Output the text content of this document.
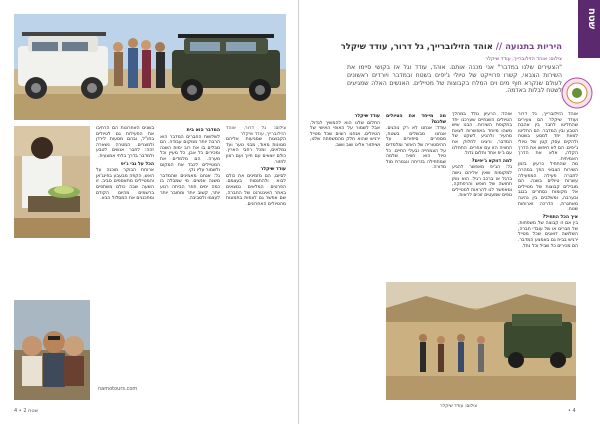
בשנים האחרונות הם הרחיבו את הפעילות גם לטיולים בחו"ל, ובהם מסעות לירדן ולמצרים. המטרה נשארה זהה: לחבר אנשים לטבע ולמדבר בדרך בלתי אמצעית.
הכל על גבי ג'יפ
ארוחת הבוקר מוכנה על האש, הקפה מבעבע בפינג'אן והמטיילים מתאספים סביב. זו השעה שבה כולם משתפים ברשמים מהיום הקודם ומתכננים את המסלול הבא.
המדבר הוא בית
לשלושת החברים המדבר הוא הרבה יותר ממקום עבודה. הם מבלים בו את רוב ימות השנה ומכירים כל אבן, כל מעיין וכל מערה. הם מלמדים את המטיילים לכבד את המקום ולשמור עליו נקי.
גל: אנחנו מאמינים שהמדבר משנה אנשים. מי שמבלה בו כמה ימים חוזר הביתה רגוע יותר, קשוב יותר ומחובר יותר לעצמו ולסביבה.
צילום: גל דרור, אוהד הזילוברייך, עודד שיקלר
הקבוצות שמגיעות אליהם מגוונות מאוד, מבני נוער ועד גמלאים, ומכל רחבי הארץ. כולם יוצאים עם חיוך ועם רצון לחזור.
עודד שיקלר
לסיום, הם מזמינים את כולם לבוא ולהתנסות בעצמם. הפרטים המלאים נמצאים באתר האינטרנט של החברה, שם אפשר גם לצפות בתמונות מהטיולים האחרונים.
namotours.com
שטח 2 • 4
שטח
היריות בתנועה // אוהד הזילוברייך, גל דרור, עודד שיקלר
צילום: אוהד הזילוברייך, עודד שיקלר
"הצעירים שלנו במדבר" אני מכנה אותם. אוהד, עודד וגל אז בקושי סיימו את השירות הצבאי, קשרו פרוייקט של טיולי ג'יפים בשטח ובמדבר ויורדים ראשונים לעולם שנקרא חוף מים וים המלח בקבוצות של מטיילים. האנשים האלה שמגיעים לשטח לבלות באדמה.
אוהד הזילוברייך, גל דרור ועודד שיקלר הם צעירים שהחליטו לחבר בין אהבת הטבע ובין המדבר. הם החליטו לצאת יחד למסע בשטח ולהקים עסק קטן של טיולי ג'יפים. הם לא חיפשו את הדרך הקלה, אלא את הדרך האמיתית.
מה שהתחיל כרעיון בזמן השירות הצבאי הפך במהרה לחברה פעילה המפעילה עשרות טיולים בשנה. הם מובילים קבוצות של מטיילים אל מקומות נסתרים בנגב ובערבה, ומשלבים בין נהיגה מאתגרת, הדרכה וארוחות שטח.
איך הכל התחיל?
בין אם זו קבוצה של משפחות, של חברים או של עובדי חברה, השלושה דואגים שכל מטייל ירגיש בבית גם באמצע המדבר. הם מכירים כל שביל וכל נחל.
אוהד: הרעיון נולד במהלך הטיולים השנתיים שערכנו יחד בתקופת השירות. הבנו שיש משהו מיוחד באפשרות לצאת מהעיר ולהגיע לשקט של המדבר, ורצינו לחלוק את החוויה הזו עם אחרים. התחלנו עם ג'יפ אחד וחלום גדול.
למה דווקא ג'יפים?
גל: הג'יפ מאפשר להגיע למקומות שאין אליהם גישה ברגל או ברכב רגיל. הוא נותן תחושה של חופש והרפתקה, ומאפשר לנו להראות למטיילים נופים שמעטים זוכים לראות.
מה מייחד את הטיולים שלכם?
עודד: אנחנו לא רק נוהגים. אנחנו מבשלים בשטח, מספרים סיפורים על ההיסטוריה של האזור ומלמדים על הצמחייה ובעלי החיים. כל טיול הוא חוויה שלמה שמתחילה בזריחה ונגמרת מול מדורה.
עודד שיקלר
החלום שלנו הוא להמשיך לגדול, אבל לשמור על האופי האישי של הטיולים. אנחנו רוצים שכל מטייל ירגיש שהוא חלק מהמשפחה שלנו, ושיחזור אלינו שוב ושוב.
צילום: עודד שיקלר
• 4
